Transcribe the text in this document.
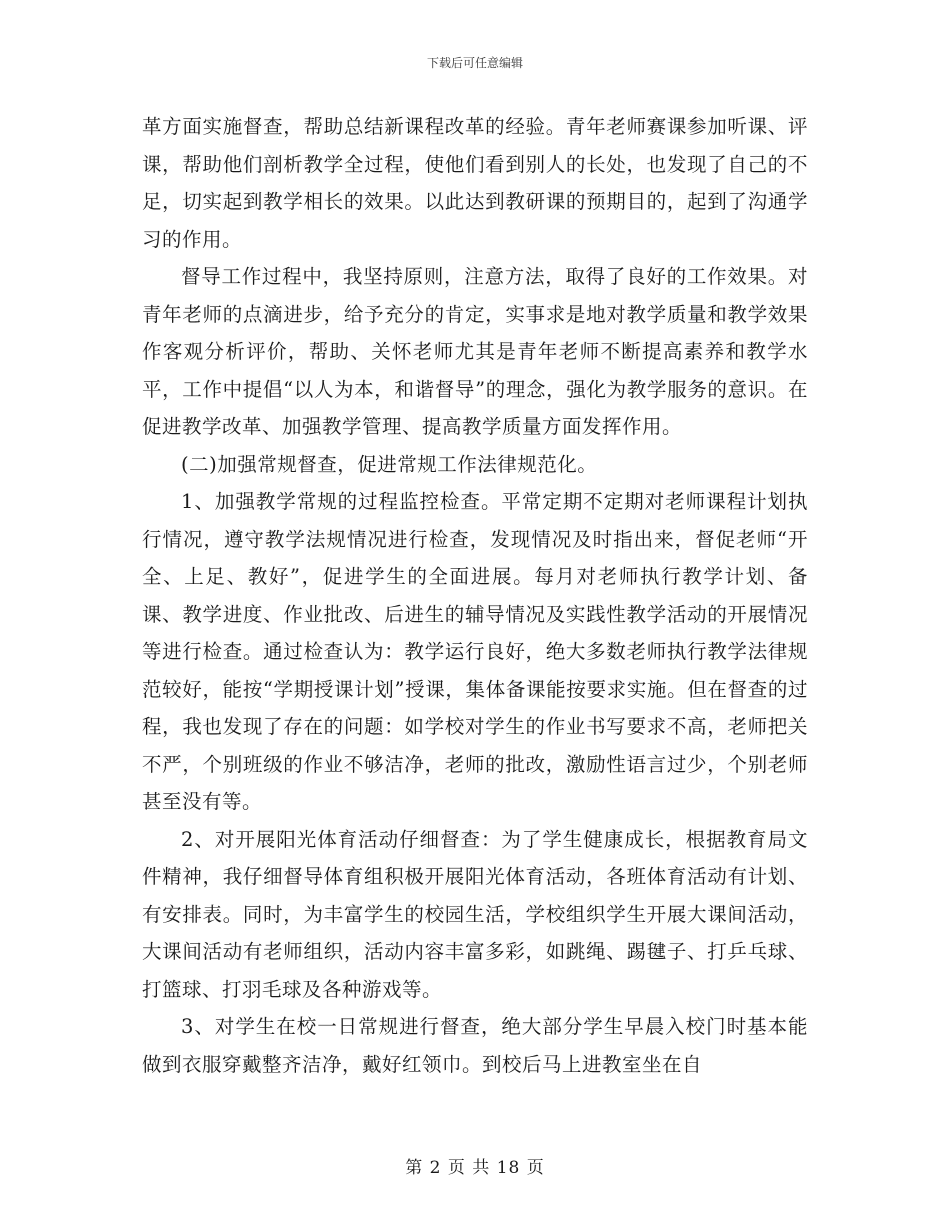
下载后可任意编辑

革方面实施督查，帮助总结新课程改革的经验。青年老师赛课参加听课、评课，帮助他们剖析教学全过程，使他们看到别人的长处，也发现了自己的不足，切实起到教学相长的效果。以此达到教研课的预期目的，起到了沟通学习的作用。

督导工作过程中，我坚持原则，注意方法，取得了良好的工作效果。对青年老师的点滴进步，给予充分的肯定，实事求是地对教学质量和教学效果作客观分析评价，帮助、关怀老师尤其是青年老师不断提高素养和教学水平，工作中提倡“以人为本，和谐督导”的理念，强化为教学服务的意识。在促进教学改革、加强教学管理、提高教学质量方面发挥作用。

(二)加强常规督查，促进常规工作法律规范化。

1、加强教学常规的过程监控检查。平常定期不定期对老师课程计划执行情况，遵守教学法规情况进行检查，发现情况及时指出来，督促老师“开全、上足、教好”，促进学生的全面进展。每月对老师执行教学计划、备课、教学进度、作业批改、后进生的辅导情况及实践性教学活动的开展情况等进行检查。通过检查认为：教学运行良好，绝大多数老师执行教学法律规范较好，能按“学期授课计划”授课，集体备课能按要求实施。但在督查的过程，我也发现了存在的问题：如学校对学生的作业书写要求不高，老师把关不严，个别班级的作业不够洁净，老师的批改，激励性语言过少，个别老师甚至没有等。

2、对开展阳光体育活动仔细督查：为了学生健康成长，根据教育局文件精神，我仔细督导体育组积极开展阳光体育活动，各班体育活动有计划、有安排表。同时，为丰富学生的校园生活，学校组织学生开展大课间活动，大课间活动有老师组织，活动内容丰富多彩，如跳绳、踢毽子、打乒乓球、打篮球、打羽毛球及各种游戏等。

3、对学生在校一日常规进行督查，绝大部分学生早晨入校门时基本能做到衣服穿戴整齐洁净，戴好红领巾。到校后马上进教室坐在自

第 2 页 共 18 页
